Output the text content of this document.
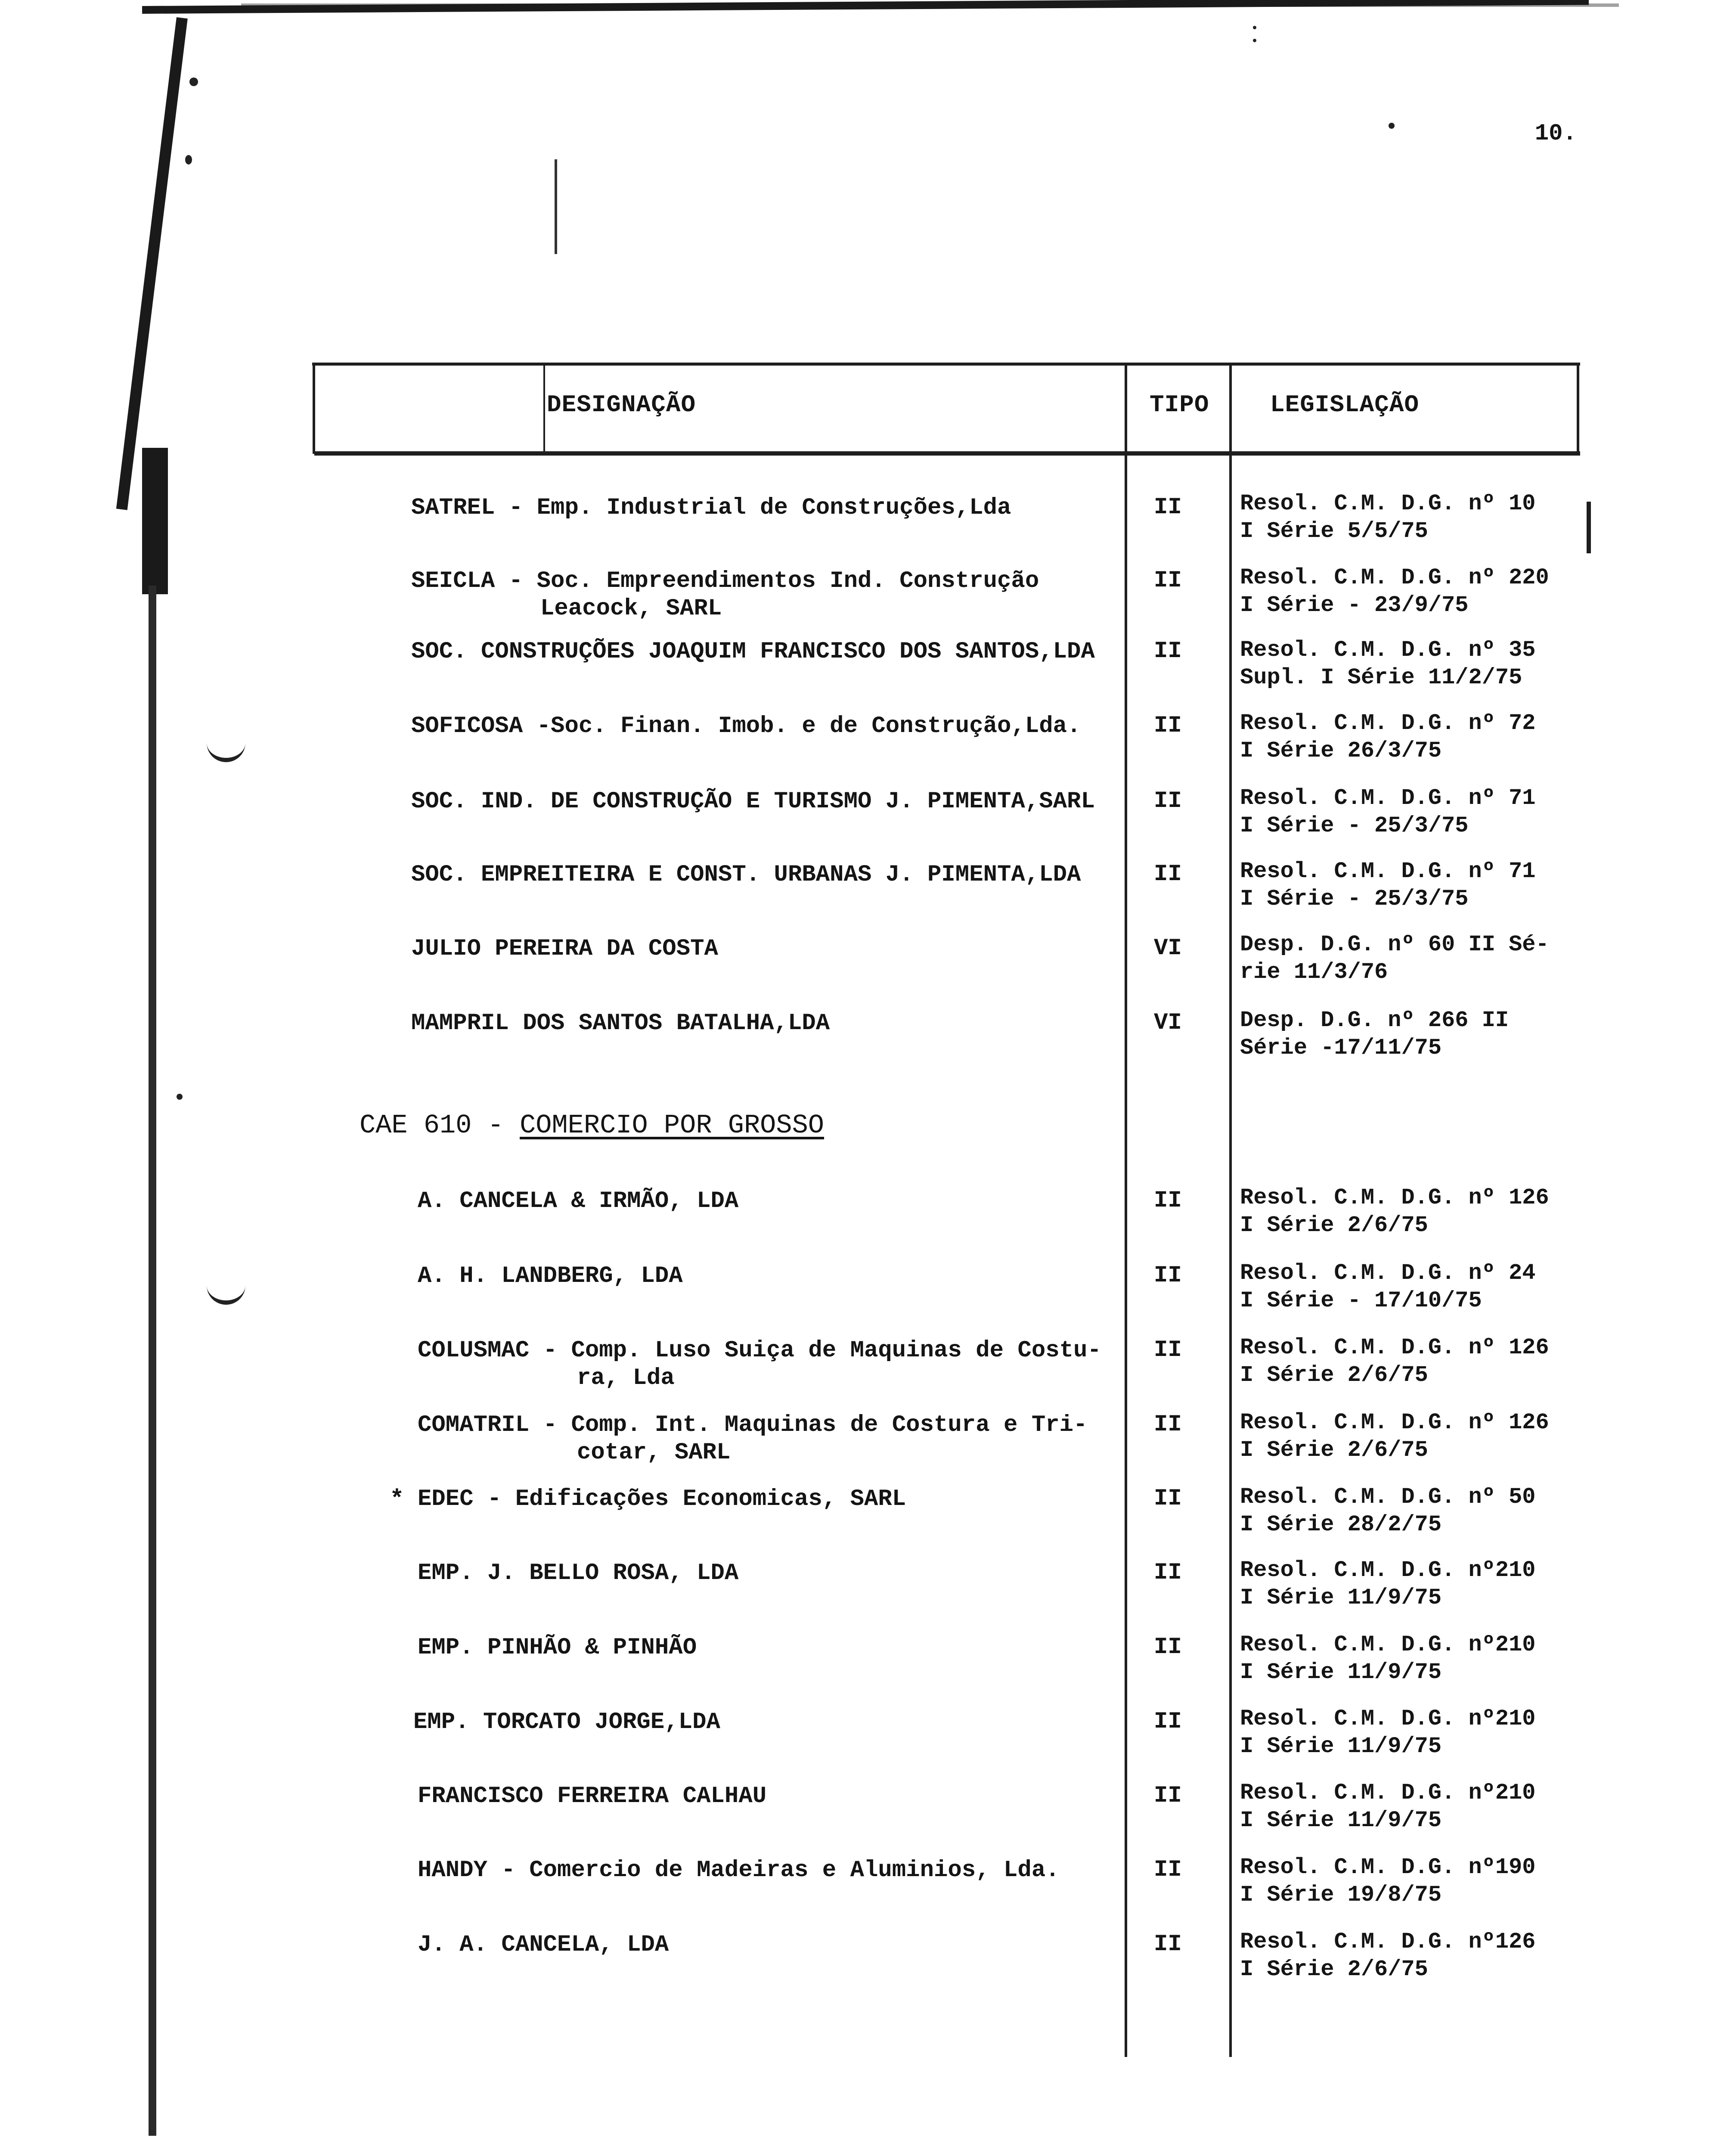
10.
DESIGNAÇÃO	TIPO	LEGISLAÇÃO
SATREL - Emp. Industrial de Construções,Lda	II	Resol. C.M. D.G. nº 10
I Série 5/5/75
SEICLA - Soc. Empreendimentos Ind. Construção
Leacock, SARL
II	Resol. C.M. D.G. nº 220
I Série - 23/9/75
SOC. CONSTRUÇÕES JOAQUIM FRANCISCO DOS SANTOS,LDA	II	Resol. C.M. D.G. nº 35
Supl. I Série 11/2/75
SOFICOSA -Soc. Finan. Imob. e de Construção,Lda.	II	Resol. C.M. D.G. nº 72
I Série 26/3/75
SOC. IND. DE CONSTRUÇÃO E TURISMO J. PIMENTA,SARL	II	Resol. C.M. D.G. nº 71
I Série - 25/3/75
SOC. EMPREITEIRA E CONST. URBANAS J. PIMENTA,LDA	II	Resol. C.M. D.G. nº 71
I Série - 25/3/75
JULIO PEREIRA DA COSTA	VI	Desp. D.G. nº 60 II Sé-
rie 11/3/76
MAMPRIL DOS SANTOS BATALHA,LDA	VI	Desp. D.G. nº 266 II
Série -17/11/75
CAE 610 - COMERCIO POR GROSSO
A. CANCELA & IRMÃO, LDA	II	Resol. C.M. D.G. nº 126
I Série 2/6/75
A. H. LANDBERG, LDA	II	Resol. C.M. D.G. nº 24
I Série - 17/10/75
COLUSMAC - Comp. Luso Suiça de Maquinas de Costu-
ra, Lda
II	Resol. C.M. D.G. nº 126
I Série 2/6/75
COMATRIL - Comp. Int. Maquinas de Costura e Tri-
cotar, SARL
II	Resol. C.M. D.G. nº 126
I Série 2/6/75
* EDEC - Edificações Economicas, SARL	II	Resol. C.M. D.G. nº 50
I Série 28/2/75
EMP. J. BELLO ROSA, LDA	II	Resol. C.M. D.G. nº210
I Série 11/9/75
EMP. PINHÃO & PINHÃO	II	Resol. C.M. D.G. nº210
I Série 11/9/75
EMP. TORCATO JORGE,LDA	II	Resol. C.M. D.G. nº210
I Série 11/9/75
FRANCISCO FERREIRA CALHAU	II	Resol. C.M. D.G. nº210
I Série 11/9/75
HANDY - Comercio de Madeiras e Aluminios, Lda.	II	Resol. C.M. D.G. nº190
I Série 19/8/75
J. A. CANCELA, LDA	II	Resol. C.M. D.G. nº126
I Série 2/6/75
